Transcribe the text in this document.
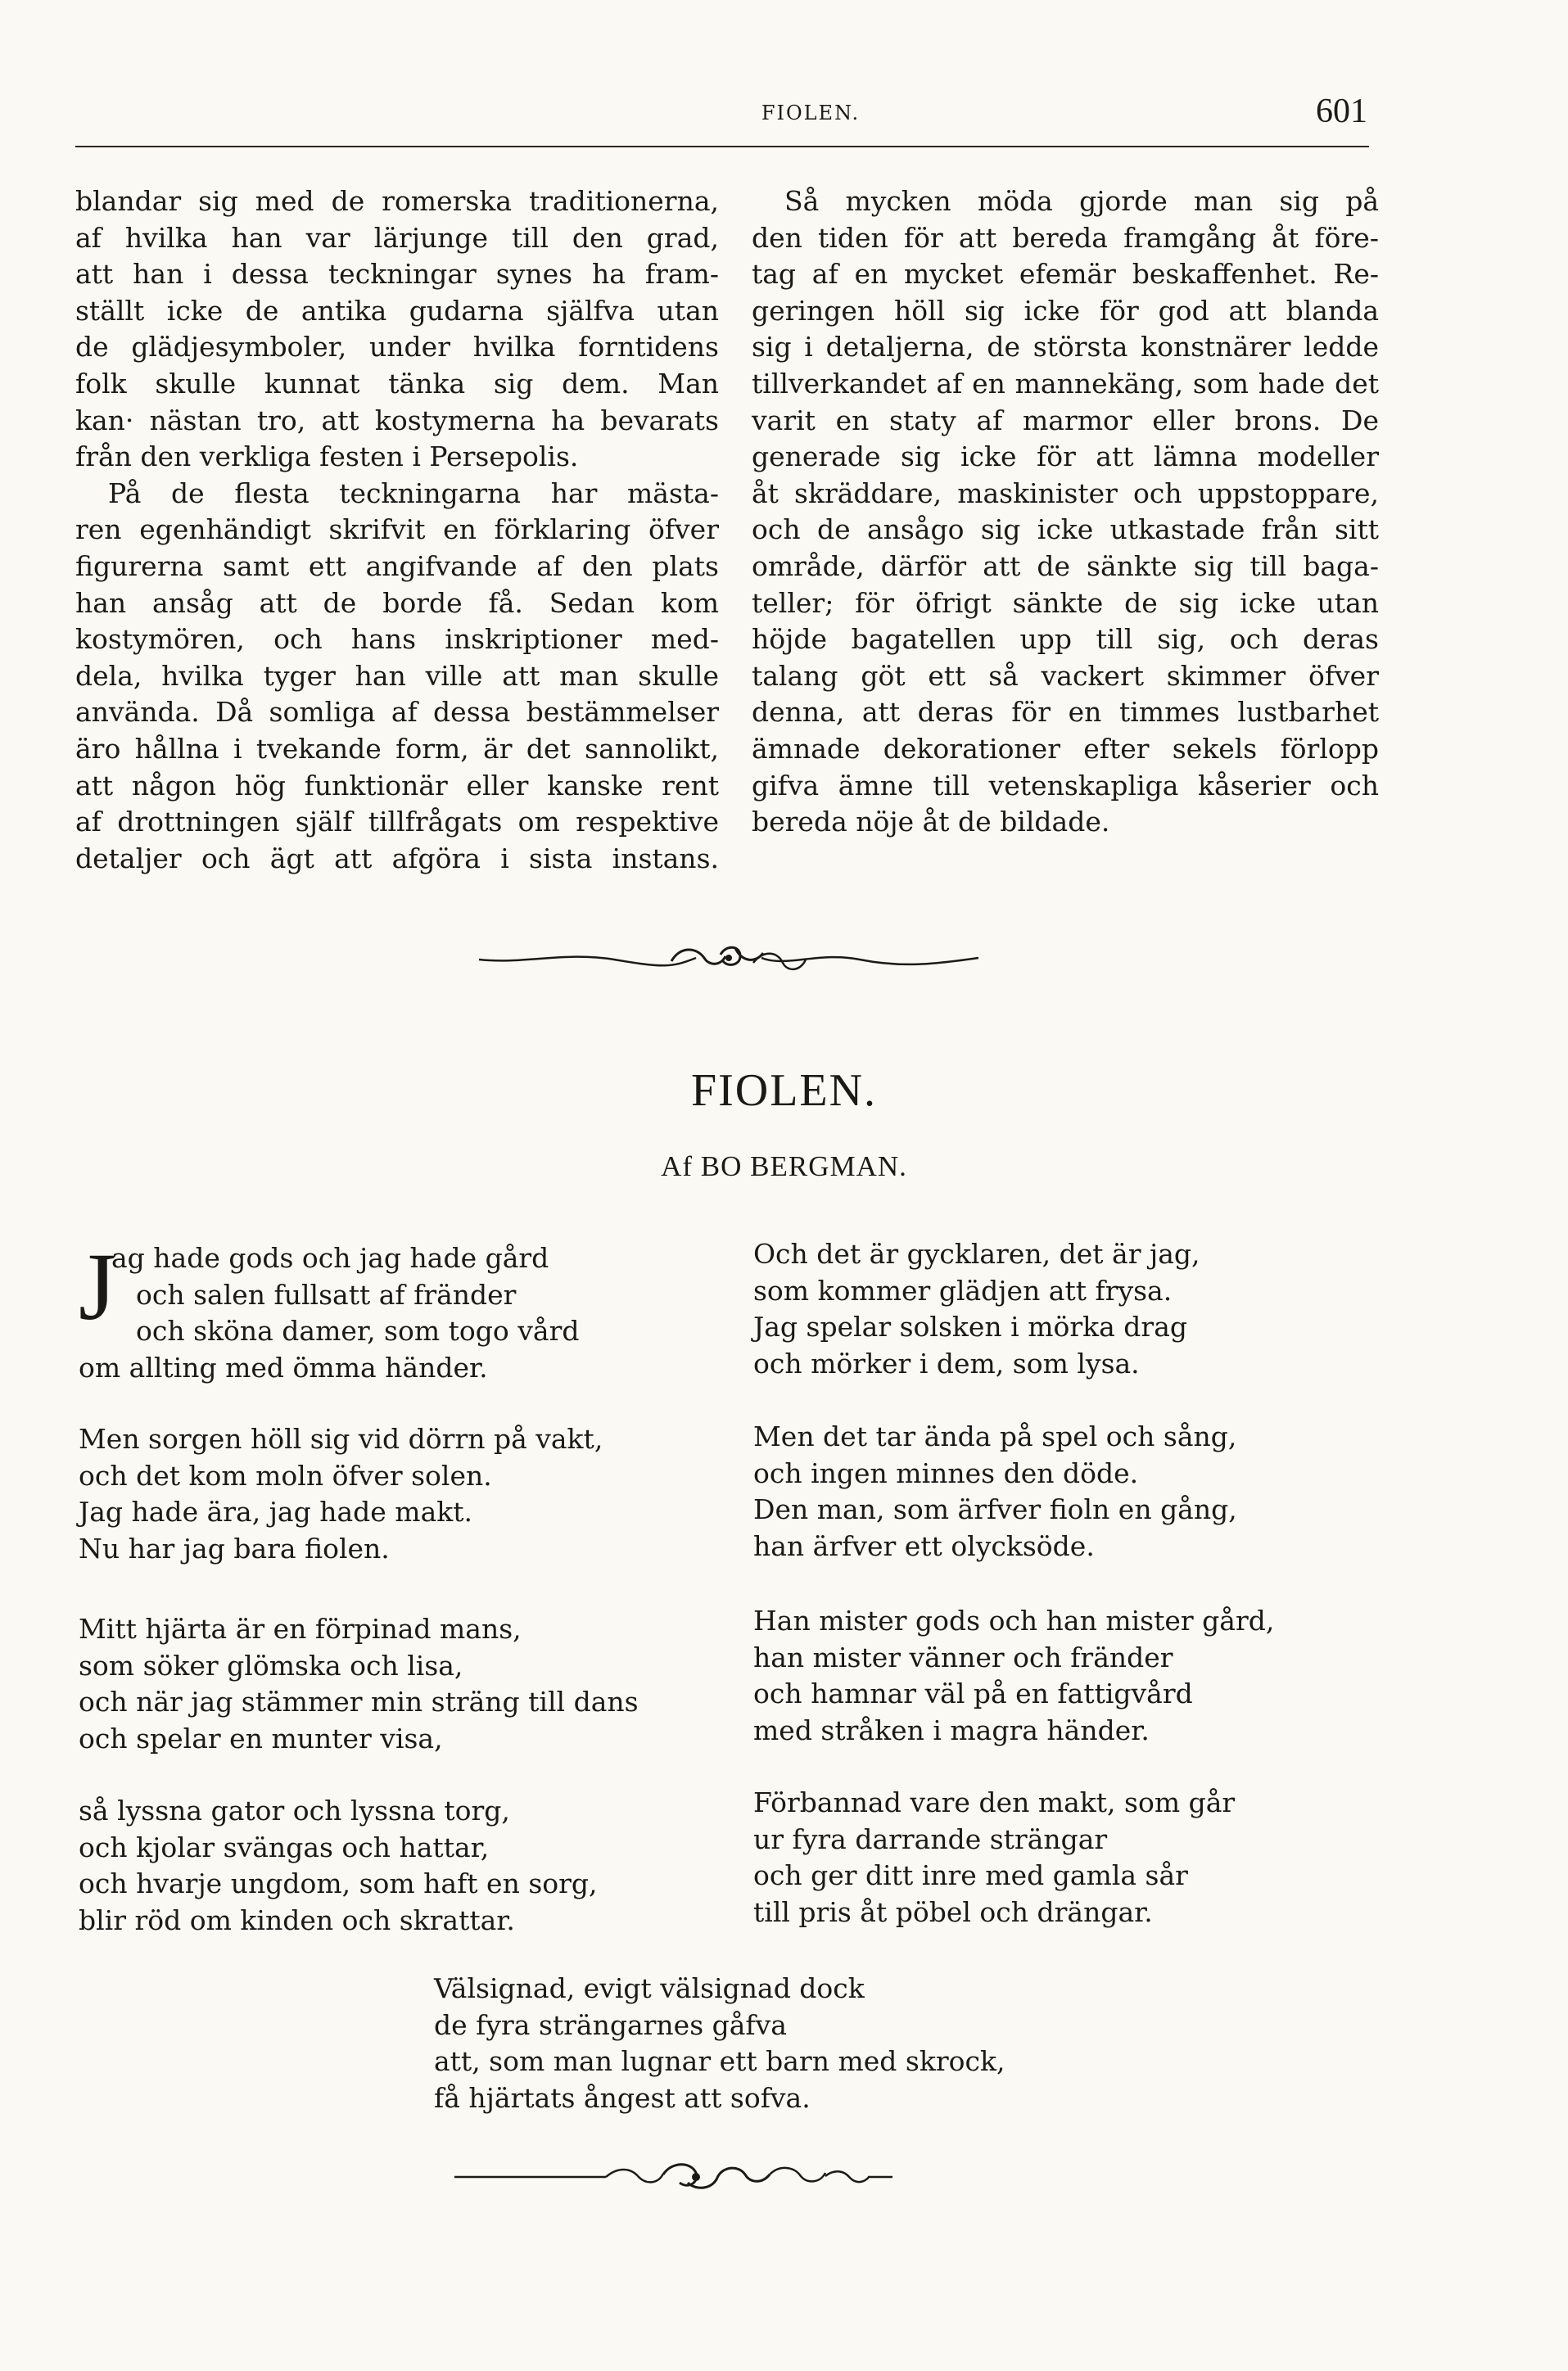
FIOLEN.	601

blandar sig med de romerska traditionerna,
af hvilka han var lärjunge till den grad,
att han i dessa teckningar synes ha fram-
ställt icke de antika gudarna själfva utan
de glädjesymboler, under hvilka forntidens
folk skulle kunnat tänka sig dem. Man
kan· nästan tro, att kostymerna ha bevarats
från den verkliga festen i Persepolis.

På de flesta teckningarna har mästa-
ren egenhändigt skrifvit en förklaring öfver
figurerna samt ett angifvande af den plats
han ansåg att de borde få. Sedan kom
kostymören, och hans inskriptioner med-
dela, hvilka tyger han ville att man skulle
använda. Då somliga af dessa bestämmelser
äro hållna i tvekande form, är det sannolikt,
att någon hög funktionär eller kanske rent
af drottningen själf tillfrågats om respektive
detaljer och ägt att afgöra i sista instans.

Så mycken möda gjorde man sig på
den tiden för att bereda framgång åt före-
tag af en mycket efemär beskaffenhet. Re-
geringen höll sig icke för god att blanda
sig i detaljerna, de största konstnärer ledde
tillverkandet af en mannekäng, som hade det
varit en staty af marmor eller brons. De
generade sig icke för att lämna modeller
åt skräddare, maskinister och uppstoppare,
och de ansågo sig icke utkastade från sitt
område, därför att de sänkte sig till baga-
teller; för öfrigt sänkte de sig icke utan
höjde bagatellen upp till sig, och deras
talang göt ett så vackert skimmer öfver
denna, att deras för en timmes lustbarhet
ämnade dekorationer efter sekels förlopp
gifva ämne till vetenskapliga kåserier och
bereda nöje åt de bildade.

FIOLEN.
Af BO BERGMAN.
J
ag hade gods och jag hade gård
och salen fullsatt af fränder
och sköna damer, som togo vård
om allting med ömma händer.
Men sorgen höll sig vid dörrn på vakt,
och det kom moln öfver solen.
Jag hade ära, jag hade makt.
Nu har jag bara fiolen.
Mitt hjärta är en förpinad mans,
som söker glömska och lisa,
och när jag stämmer min sträng till dans
och spelar en munter visa,
så lyssna gator och lyssna torg,
och kjolar svängas och hattar,
och hvarje ungdom, som haft en sorg,
blir röd om kinden och skrattar.
Och det är gycklaren, det är jag,
som kommer glädjen att frysa.
Jag spelar solsken i mörka drag
och mörker i dem, som lysa.
Men det tar ända på spel och sång,
och ingen minnes den döde.
Den man, som ärfver fioln en gång,
han ärfver ett olycksöde.
Han mister gods och han mister gård,
han mister vänner och fränder
och hamnar väl på en fattigvård
med stråken i magra händer.
Förbannad vare den makt, som går
ur fyra darrande strängar
och ger ditt inre med gamla sår
till pris åt pöbel och drängar.
Välsignad, evigt välsignad dock
de fyra strängarnes gåfva
att, som man lugnar ett barn med skrock,
få hjärtats ångest att sofva.
